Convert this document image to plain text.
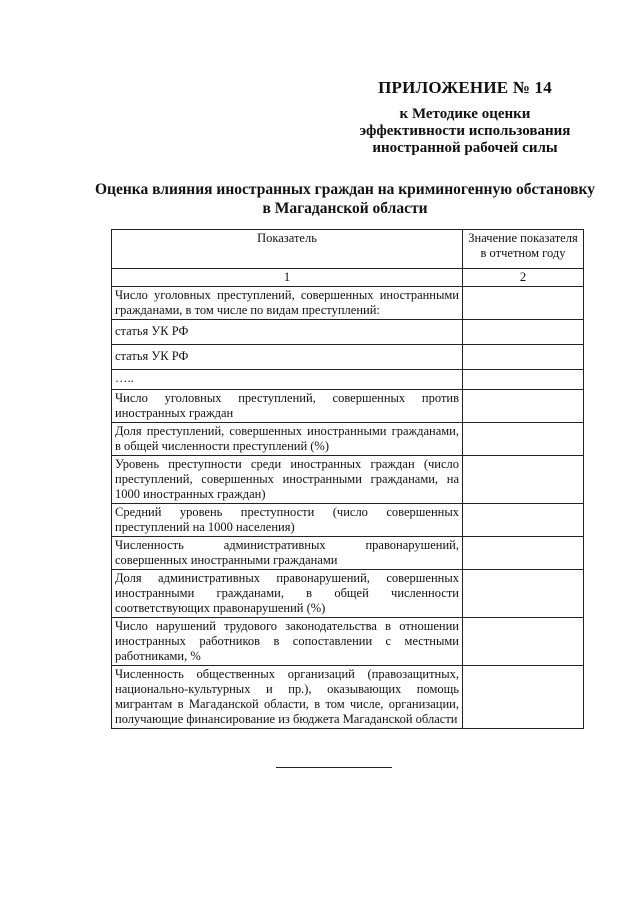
ПРИЛОЖЕНИЕ № 14
к Методике оценки
эффективности использования
иностранной рабочей силы
Оценка влияния иностранных граждан на криминогенную обстановку
в Магаданской области
Показатель	Значение показателя в отчетном году
1	2
Число уголовных преступлений, совершенных иностранными гражданами, в том числе по видам преступлений:	
статья УК РФ	
статья УК РФ	
…..	
Число уголовных преступлений, совершенных против иностранных граждан	
Доля преступлений, совершенных иностранными гражданами, в общей численности преступлений (%)	
Уровень преступности среди иностранных граждан (число преступлений, совершенных иностранными гражданами, на 1000 иностранных граждан)	
Средний уровень преступности (число совершенных преступлений на 1000 населения)	
Численность административных правонарушений, совершенных иностранными гражданами	
Доля административных правонарушений, совершенных иностранными гражданами, в общей численности соответствующих правонарушений (%)	
Число нарушений трудового законодательства в отношении иностранных работников в сопоставлении с местными работниками, %	
Численность общественных организаций (правозащитных, национально-культурных и пр.), оказывающих помощь мигрантам в Магаданской области, в том числе, организации, получающие финансирование из бюджета Магаданской области	
